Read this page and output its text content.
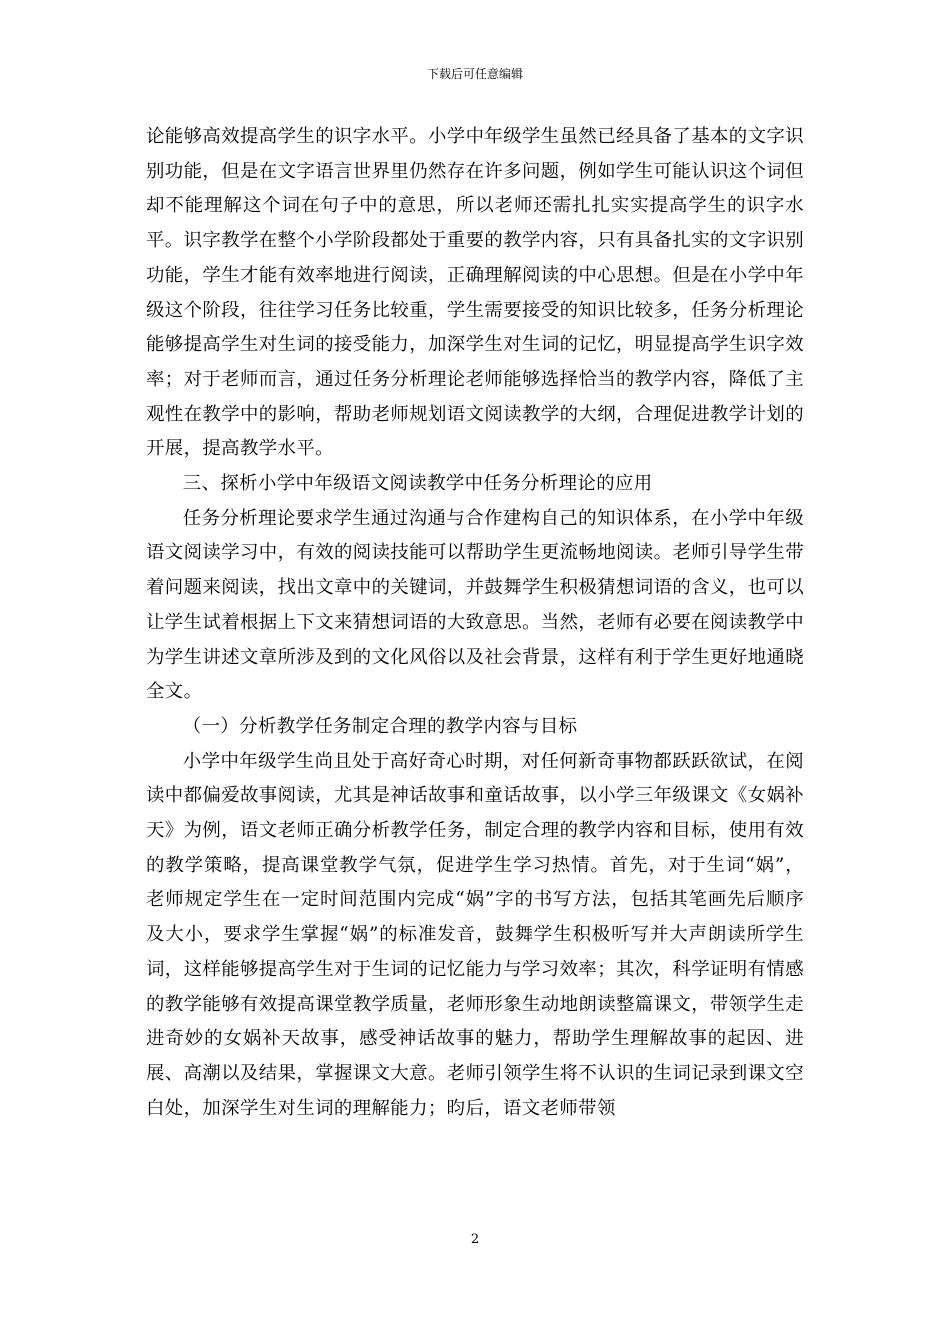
下载后可任意编辑

论能够高效提高学生的识字水平。小学中年级学生虽然已经具备了基本的文字识别功能，但是在文字语言世界里仍然存在许多问题，例如学生可能认识这个词但却不能理解这个词在句子中的意思，所以老师还需扎扎实实提高学生的识字水平。识字教学在整个小学阶段都处于重要的教学内容，只有具备扎实的文字识别功能，学生才能有效率地进行阅读，正确理解阅读的中心思想。但是在小学中年级这个阶段，往往学习任务比较重，学生需要接受的知识比较多，任务分析理论能够提高学生对生词的接受能力，加深学生对生词的记忆，明显提高学生识字效率；对于老师而言，通过任务分析理论老师能够选择恰当的教学内容，降低了主观性在教学中的影响，帮助老师规划语文阅读教学的大纲，合理促进教学计划的开展，提高教学水平。

三、探析小学中年级语文阅读教学中任务分析理论的应用

任务分析理论要求学生通过沟通与合作建构自己的知识体系，在小学中年级语文阅读学习中，有效的阅读技能可以帮助学生更流畅地阅读。老师引导学生带着问题来阅读，找出文章中的关键词，并鼓舞学生积极猜想词语的含义，也可以让学生试着根据上下文来猜想词语的大致意思。当然，老师有必要在阅读教学中为学生讲述文章所涉及到的文化风俗以及社会背景，这样有利于学生更好地通晓全文。

（一）分析教学任务制定合理的教学内容与目标

小学中年级学生尚且处于高好奇心时期，对任何新奇事物都跃跃欲试，在阅读中都偏爱故事阅读，尤其是神话故事和童话故事，以小学三年级课文《女娲补天》为例，语文老师正确分析教学任务，制定合理的教学内容和目标，使用有效的教学策略，提高课堂教学气氛，促进学生学习热情。首先，对于生词“娲”，老师规定学生在一定时间范围内完成“娲”字的书写方法，包括其笔画先后顺序及大小，要求学生掌握“娲”的标准发音，鼓舞学生积极听写并大声朗读所学生词，这样能够提高学生对于生词的记忆能力与学习效率；其次，科学证明有情感的教学能够有效提高课堂教学质量，老师形象生动地朗读整篇课文，带领学生走进奇妙的女娲补天故事，感受神话故事的魅力，帮助学生理解故事的起因、进展、高潮以及结果，掌握课文大意。老师引领学生将不认识的生词记录到课文空白处，加深学生对生词的理解能力；昀后，语文老师带领

2
